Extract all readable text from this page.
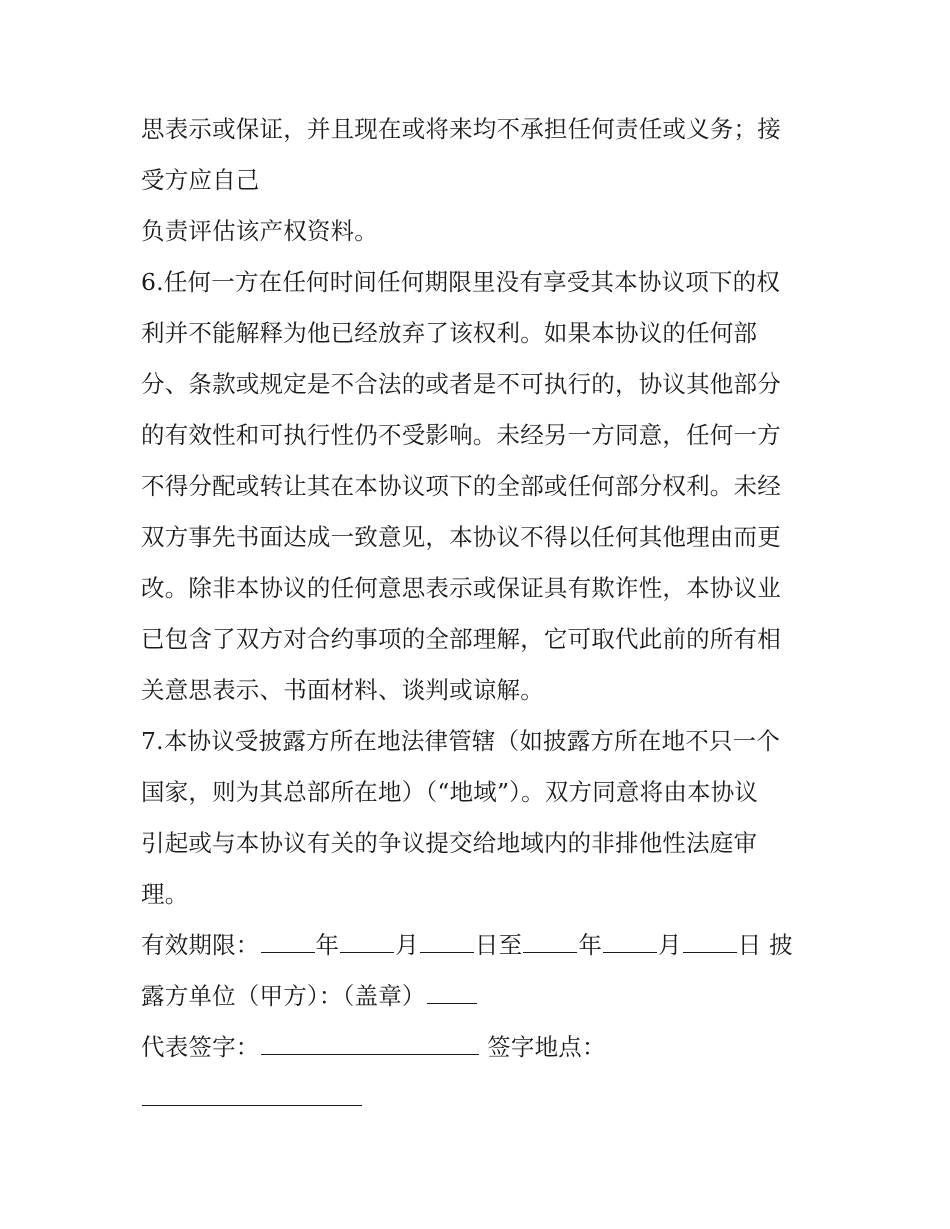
思表示或保证，并且现在或将来均不承担任何责任或义务；接
受方应自己
负责评估该产权资料。
6.任何一方在任何时间任何期限里没有享受其本协议项下的权
利并不能解释为他已经放弃了该权利。如果本协议的任何部
分、条款或规定是不合法的或者是不可执行的，协议其他部分
的有效性和可执行性仍不受影响。未经另一方同意，任何一方
不得分配或转让其在本协议项下的全部或任何部分权利。未经
双方事先书面达成一致意见，本协议不得以任何其他理由而更
改。除非本协议的任何意思表示或保证具有欺诈性，本协议业
已包含了双方对合约事项的全部理解，它可取代此前的所有相
关意思表示、书面材料、谈判或谅解。
7.本协议受披露方所在地法律管辖（如披露方所在地不只一个
国家，则为其总部所在地）（“地域”）。双方同意将由本协议
引起或与本协议有关的争议提交给地域内的非排他性法庭审
理。
有效期限： 年 月 日至 年 月 日 披
露方单位（甲方）：（盖章）
代表签字：	签字地点：
